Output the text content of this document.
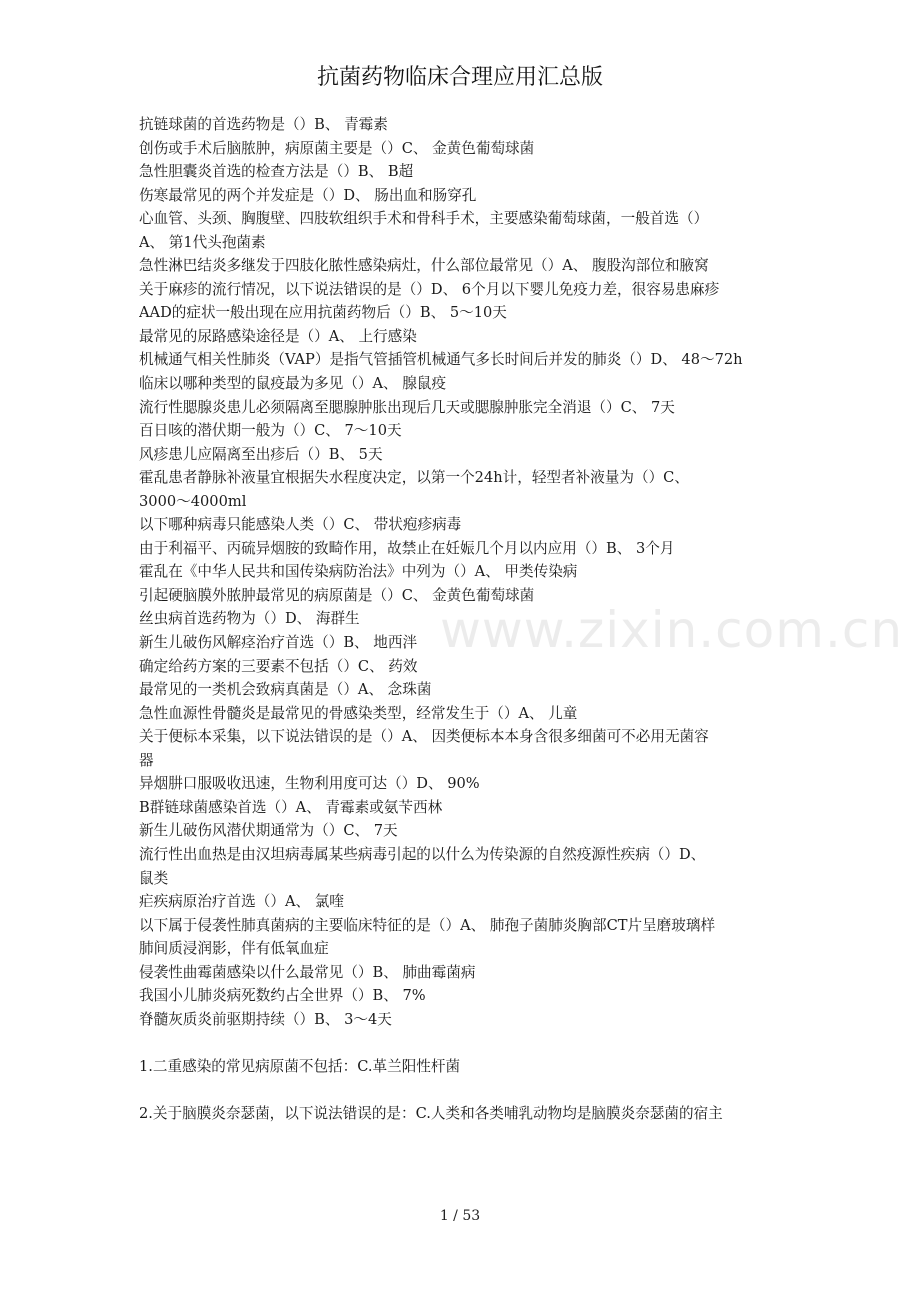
抗菌药物临床合理应用汇总版
抗链球菌的首选药物是（）B、 青霉素
创伤或手术后脑脓肿，病原菌主要是（）C、 金黄色葡萄球菌
急性胆囊炎首选的检查方法是（）B、 B超
伤寒最常见的两个并发症是（）D、 肠出血和肠穿孔
心血管、头颈、胸腹壁、四肢软组织手术和骨科手术，主要感染葡萄球菌，一般首选（）
A、 第1代头孢菌素
急性淋巴结炎多继发于四肢化脓性感染病灶，什么部位最常见（）A、 腹股沟部位和腋窝
关于麻疹的流行情况，以下说法错误的是（）D、 6个月以下婴儿免疫力差，很容易患麻疹
AAD的症状一般出现在应用抗菌药物后（）B、 5～10天
最常见的尿路感染途径是（）A、 上行感染
机械通气相关性肺炎（VAP）是指气管插管机械通气多长时间后并发的肺炎（）D、 48～72h
临床以哪种类型的鼠疫最为多见（）A、 腺鼠疫
流行性腮腺炎患儿必须隔离至腮腺肿胀出现后几天或腮腺肿胀完全消退（）C、 7天
百日咳的潜伏期一般为（）C、 7～10天
风疹患儿应隔离至出疹后（）B、 5天
霍乱患者静脉补液量宜根据失水程度决定，以第一个24h计，轻型者补液量为（）C、
3000～4000ml
以下哪种病毒只能感染人类（）C、 带状疱疹病毒
由于利福平、丙硫异烟胺的致畸作用，故禁止在妊娠几个月以内应用（）B、 3个月
霍乱在《中华人民共和国传染病防治法》中列为（）A、 甲类传染病
引起硬脑膜外脓肿最常见的病原菌是（）C、 金黄色葡萄球菌
丝虫病首选药物为（）D、 海群生
新生儿破伤风解痉治疗首选（）B、 地西泮
确定给药方案的三要素不包括（）C、 药效
最常见的一类机会致病真菌是（）A、 念珠菌
急性血源性骨髓炎是最常见的骨感染类型，经常发生于（）A、 儿童
关于便标本采集，以下说法错误的是（）A、 因类便标本本身含很多细菌可不必用无菌容
器
异烟肼口服吸收迅速，生物利用度可达（）D、 90%
B群链球菌感染首选（）A、 青霉素或氨苄西林
新生儿破伤风潜伏期通常为（）C、 7天
流行性出血热是由汉坦病毒属某些病毒引起的以什么为传染源的自然疫源性疾病（）D、
鼠类
疟疾病原治疗首选（）A、 氯喹
以下属于侵袭性肺真菌病的主要临床特征的是（）A、 肺孢子菌肺炎胸部CT片呈磨玻璃样
肺间质浸润影，伴有低氧血症
侵袭性曲霉菌感染以什么最常见（）B、 肺曲霉菌病
我国小儿肺炎病死数约占全世界（）B、 7%
脊髓灰质炎前驱期持续（）B、 3～4天
1.二重感染的常见病原菌不包括：C.革兰阳性杆菌
2.关于脑膜炎奈瑟菌，以下说法错误的是：C.人类和各类哺乳动物均是脑膜炎奈瑟菌的宿主
www.zixin.com.cn
1 / 53
